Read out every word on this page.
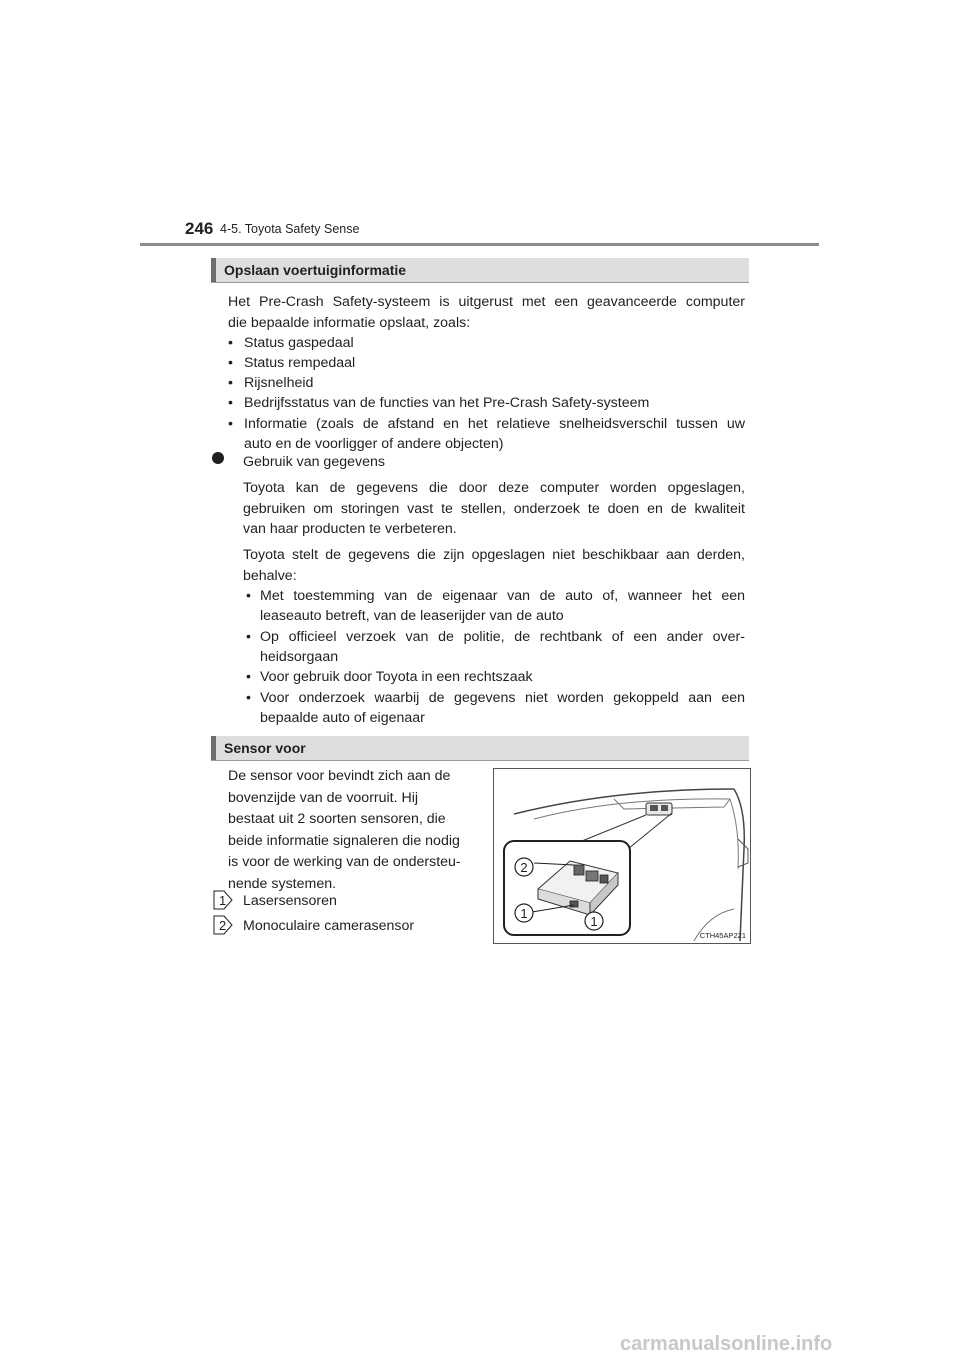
246 4-5. Toyota Safety Sense
Opslaan voertuiginformatie
Het Pre-Crash Safety-systeem is uitgerust met een geavanceerde computer
die bepaalde informatie opslaat, zoals:
• Status gaspedaal
• Status rempedaal
• Rijsnelheid
• Bedrijfsstatus van de functies van het Pre-Crash Safety-systeem
• Informatie (zoals de afstand en het relatieve snelheidsverschil tussen uw
auto en de voorligger of andere objecten)
Gebruik van gegevens
Toyota kan de gegevens die door deze computer worden opgeslagen,
gebruiken om storingen vast te stellen, onderzoek te doen en de kwaliteit
van haar producten te verbeteren.
Toyota stelt de gegevens die zijn opgeslagen niet beschikbaar aan derden,
behalve:
• Met toestemming van de eigenaar van de auto of, wanneer het een
leaseauto betreft, van de leaserijder van de auto
• Op officieel verzoek van de politie, de rechtbank of een ander over-
heidsorgaan
• Voor gebruik door Toyota in een rechtszaak
• Voor onderzoek waarbij de gegevens niet worden gekoppeld aan een
bepaalde auto of eigenaar
Sensor voor
De sensor voor bevindt zich aan de
bovenzijde van de voorruit. Hij
bestaat uit 2 soorten sensoren, die
beide informatie signaleren die nodig
is voor de werking van de ondersteu-
nende systemen.
1 Lasersensoren
2 Monoculaire camerasensor
2
1
1
CTH45AP221
carmanualsonline.info
